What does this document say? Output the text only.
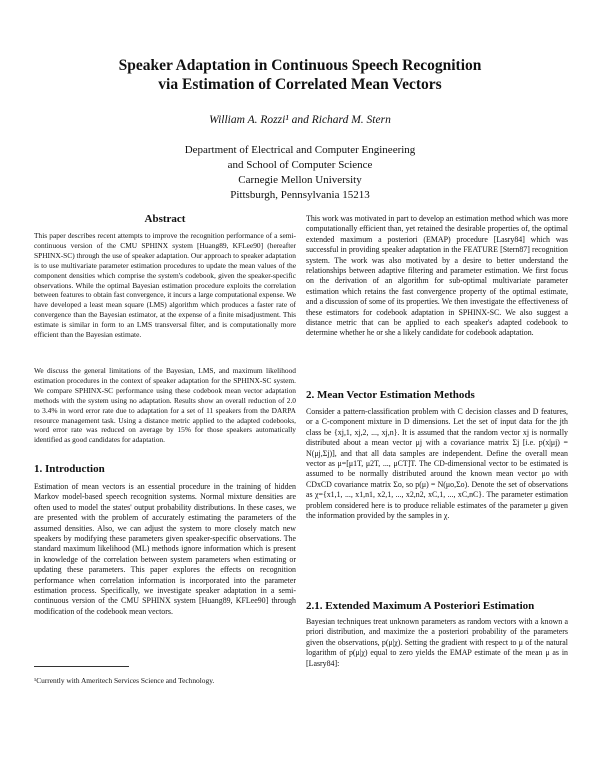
Speaker Adaptation in Continuous Speech Recognition
via Estimation of Correlated Mean Vectors
William A. Rozzi¹ and Richard M. Stern
Department of Electrical and Computer Engineering
and School of Computer Science
Carnegie Mellon University
Pittsburgh, Pennsylvania 15213
Abstract
This paper describes recent attempts to improve the recognition performance of a semi-continuous version of the CMU SPHINX system [Huang89, KFLee90] (hereafter SPHINX-SC) through the use of speaker adaptation. Our approach to speaker adaptation is to use multivariate parameter estimation procedures to update the mean values of the component densities which comprise the system's codebook, given the speaker-specific observations. While the optimal Bayesian estimation procedure exploits the correlation between features to obtain fast convergence, it incurs a large computational expense. We have developed a least mean square (LMS) algorithm which produces a faster rate of convergence than the Bayesian estimator, at the expense of a finite misadjustment. This estimate is similar in form to an LMS transversal filter, and is computationally more efficient than the Bayesian estimate.
We discuss the general limitations of the Bayesian, LMS, and maximum likelihood estimation procedures in the context of speaker adaptation for the SPHINX-SC system. We compare SPHINX-SC performance using these codebook mean vector adaptation methods with the system using no adaptation. Results show an overall reduction of 2.0 to 3.4% in word error rate due to adaptation for a set of 11 speakers from the DARPA resource management task. Using a distance metric applied to the adapted codebooks, word error rate was reduced on average by 15% for those speakers automatically identified as good candidates for adaptation.
1. Introduction
Estimation of mean vectors is an essential procedure in the training of hidden Markov model-based speech recognition systems. Normal mixture densities are often used to model the states' output probability distributions. In these cases, we are presented with the problem of accurately estimating the parameters of the assumed densities. Also, we can adjust the system to more closely match new speakers by modifying these parameters given speaker-specific observations. The standard maximum likelihood (ML) methods ignore information which is present in knowledge of the correlation between system parameters when estimating or updating these parameters. This paper explores the effects on recognition performance when correlation information is incorporated into the parameter estimation process. Specifically, we investigate speaker adaptation in a semi-continuous version of the CMU SPHINX system [Huang89, KFLee90] through modification of the codebook mean vectors.
¹Currently with Ameritech Services Science and Technology.
This work was motivated in part to develop an estimation method which was more computationally efficient than, yet retained the desirable properties of, the optimal extended maximum a posteriori (EMAP) procedure [Lasry84] which was successful in providing speaker adaptation in the FEATURE [Stern87] recognition system. The work was also motivated by a desire to better understand the relationships between adaptive filtering and parameter estimation. We first focus on the derivation of an algorithm for sub-optimal multivariate parameter estimation which retains the fast convergence property of the optimal estimate, and a discussion of some of its properties. We then investigate the effectiveness of these estimators for codebook adaptation in SPHINX-SC. We also suggest a distance metric that can be applied to each speaker's adapted codebook to determine whether he or she a likely candidate for codebook adaptation.
2. Mean Vector Estimation Methods
Consider a pattern-classification problem with C decision classes and D features, or a C-component mixture in D dimensions. Let the set of input data for the jth class be {xj,1, xj,2, ..., xj,n}. It is assumed that the random vector xj is normally distributed about a mean vector μj with a covariance matrix Σj [i.e. p(x|μj) = N(μj,Σj)], and that all data samples are independent. Define the overall mean vector as μ=[μ1T, μ2T, ..., μCT]T. The CD-dimensional vector to be estimated is assumed to be normally distributed around the known mean vector μo with CDxCD covariance matrix Σo, so p(μ) = N(μo,Σo). Denote the set of observations as χ={x1,1, ..., x1,n1, x2,1, ..., x2,n2, xC,1, ..., xC,nC}. The parameter estimation problem considered here is to produce reliable estimates of the parameter μ given the information provided by the samples in χ.
2.1. Extended Maximum A Posteriori Estimation
Bayesian techniques treat unknown parameters as random vectors with a known a priori distribution, and maximize the a posteriori probability of the parameters given the observations, p(μ|χ). Setting the gradient with respect to μ of the natural logarithm of p(μ|χ) equal to zero yields the EMAP estimate of the mean μ as in [Lasry84]:
